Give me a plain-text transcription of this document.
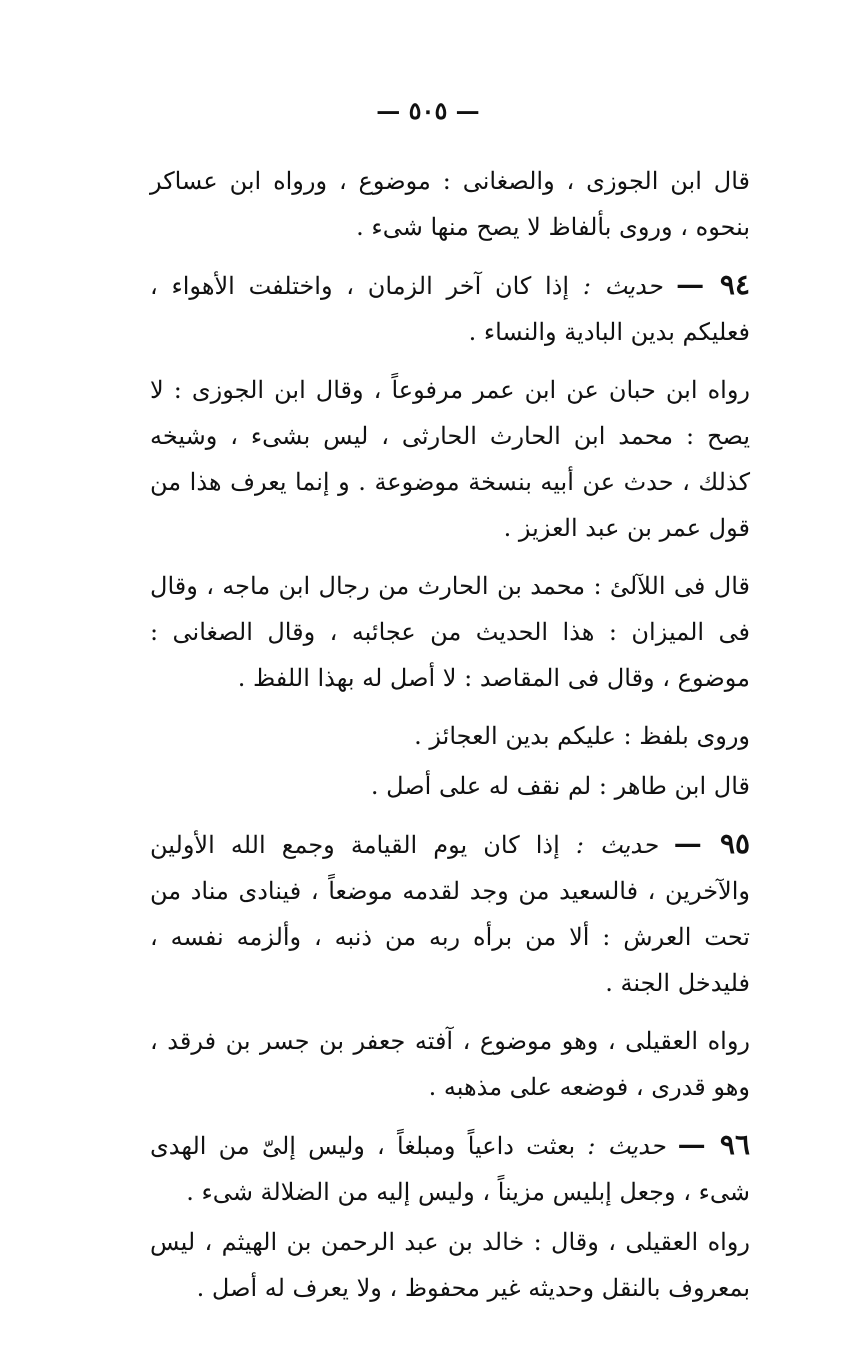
— ٥٠٥ —

قال ابن الجوزى ، والصغانى : موضوع ، ورواه ابن عساكر بنحوه ، وروى بألفاظ لا يصح منها شىء .

٩٤ — حديث : إذا كان آخر الزمان ، واختلفت الأهواء ، فعليكم بدين البادية والنساء .

رواه ابن حبان عن ابن عمر مرفوعاً ، وقال ابن الجوزى : لا يصح : محمد ابن الحارث الحارثى ، ليس بشىء ، وشيخه كذلك ، حدث عن أبيه بنسخة موضوعة . و إنما يعرف هذا من قول عمر بن عبد العزيز .

قال فى اللآلئ : محمد بن الحارث من رجال ابن ماجه ، وقال فى الميزان : هذا الحديث من عجائبه ، وقال الصغانى : موضوع ، وقال فى المقاصد : لا أصل له بهذا اللفظ .

وروى بلفظ : عليكم بدين العجائز .

قال ابن طاهر : لم نقف له على أصل .

٩٥ — حديث : إذا كان يوم القيامة وجمع الله الأولين والآخرين ، فالسعيد من وجد لقدمه موضعاً ، فينادى مناد من تحت العرش : ألا من برأه ربه من ذنبه ، وألزمه نفسه ، فليدخل الجنة .

رواه العقيلى ، وهو موضوع ، آفته جعفر بن جسر بن فرقد ، وهو قدرى ، فوضعه على مذهبه .

٩٦ — حديث : بعثت داعياً ومبلغاً ، وليس إلىّ من الهدى شىء ، وجعل إبليس مزيناً ، وليس إليه من الضلالة شىء .

رواه العقيلى ، وقال : خالد بن عبد الرحمن بن الهيثم ، ليس بمعروف بالنقل وحديثه غير محفوظ ، ولا يعرف له أصل .
